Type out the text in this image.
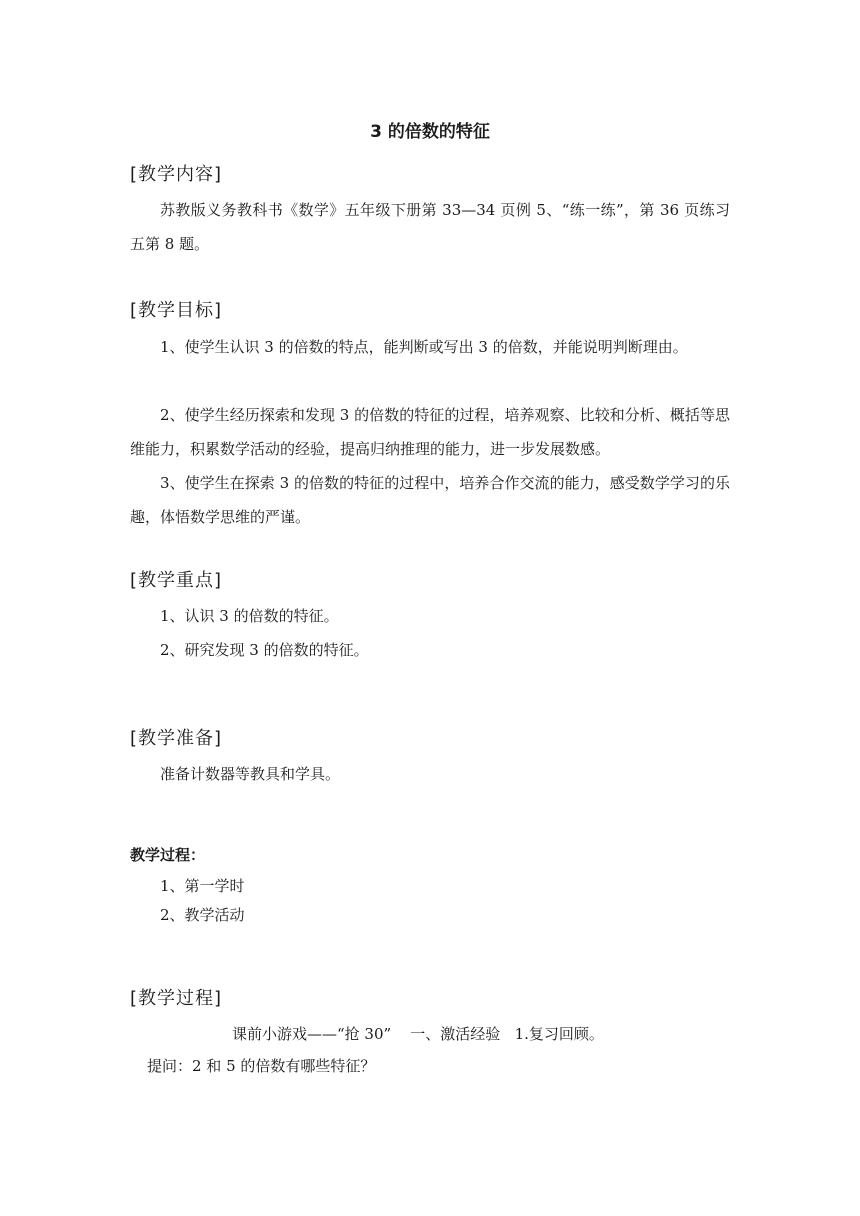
3 的倍数的特征
[教学内容]
苏教版义务教科书《数学》五年级下册第 33—34 页例 5、“练一练”，第 36 页练习五第 8 题。
[教学目标]
1、使学生认识 3 的倍数的特点，能判断或写出 3 的倍数，并能说明判断理由。
2、使学生经历探索和发现 3 的倍数的特征的过程，培养观察、比较和分析、概括等思维能力，积累数学活动的经验，提高归纳推理的能力，进一步发展数感。
3、使学生在探索 3 的倍数的特征的过程中，培养合作交流的能力，感受数学学习的乐趣，体悟数学思维的严谨。
[教学重点]
1、认识 3 的倍数的特征。
2、研究发现 3 的倍数的特征。
[教学准备]
准备计数器等教具和学具。
教学过程：
1、第一学时
2、教学活动
[教学过程]
课前小游戏——“抢 30”    一、激活经验   1.复习回顾。
提问：2 和 5 的倍数有哪些特征？
